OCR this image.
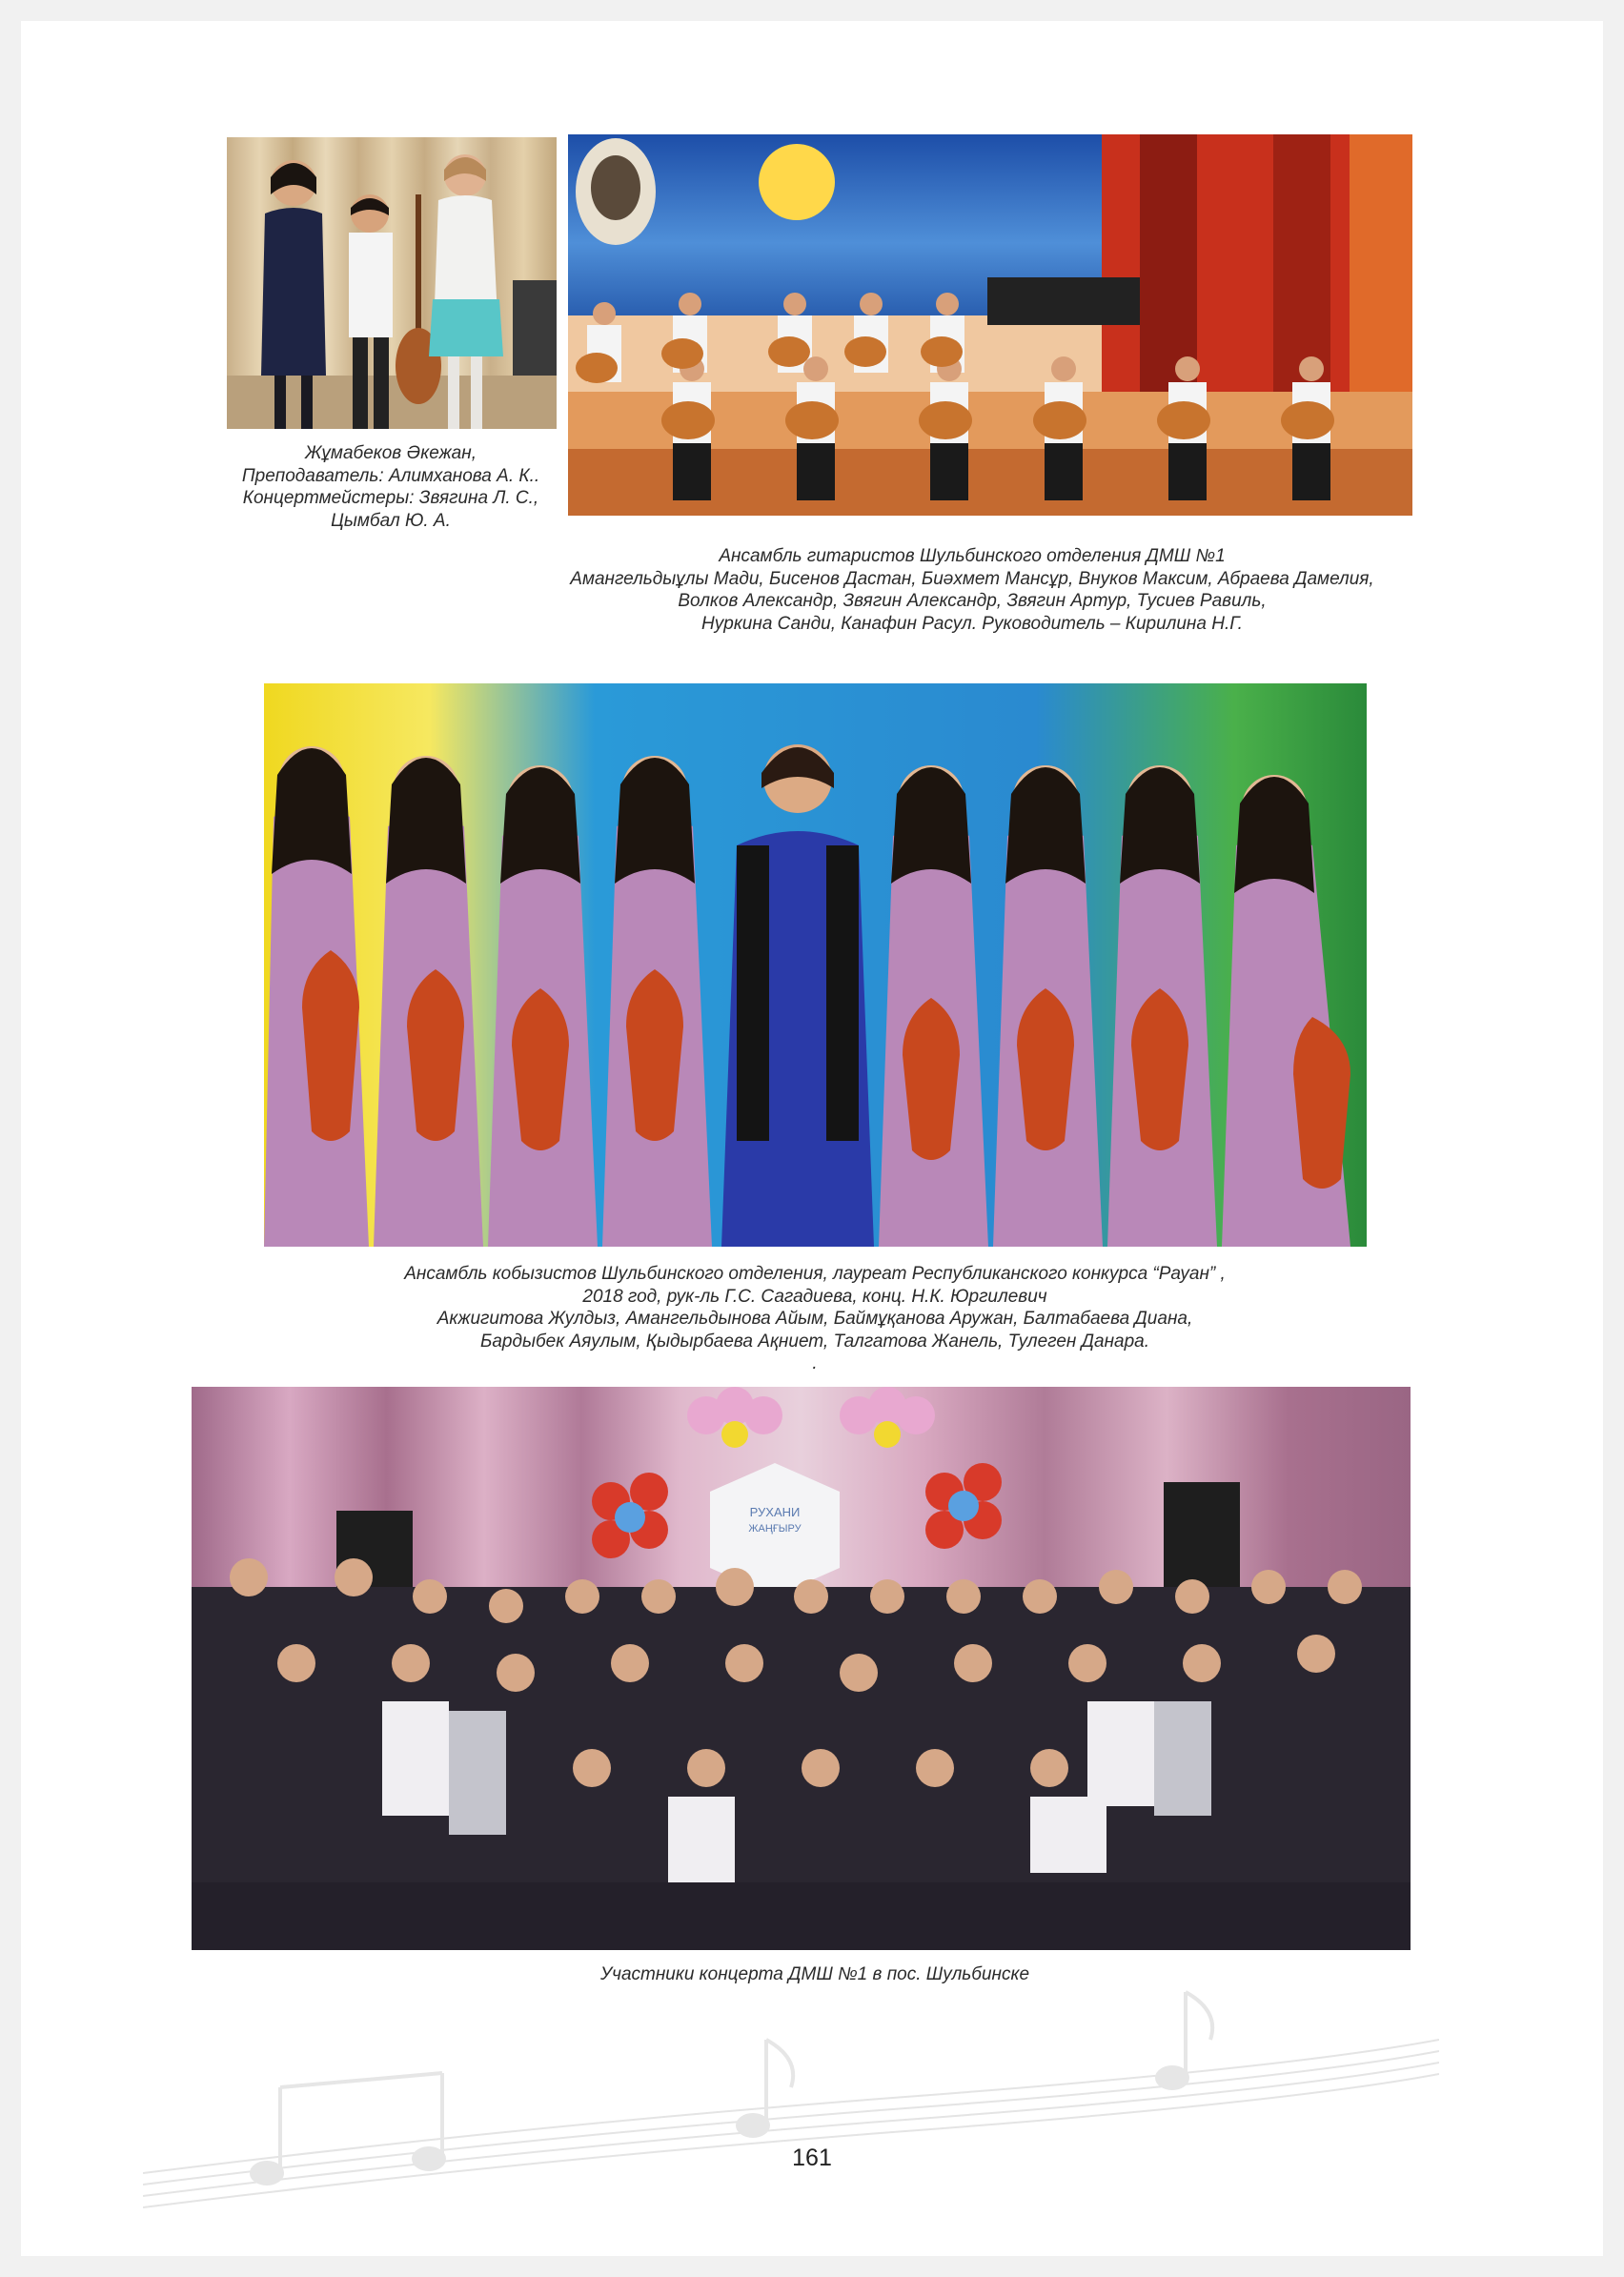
Жұмабеков Әкежан,
Преподаватель: Алимханова А. К..
Концертмейстеры: Звягина Л. С.,
Цымбал Ю. А.
Ансамбль гитаристов Шульбинского отделения ДМШ №1
Амангельдыұлы Мади, Бисенов Дастан, Биәхмет Мансұр, Внуков Максим, Абраева Дамелия,
Волков Александр, Звягин Александр, Звягин Артур, Тусиев Равиль,
Нуркина Санди, Канафин Расул. Руководитель – Кирилина Н.Г.
Ансамбль кобызистов Шульбинского отделения, лауреат Республиканского конкурса “Рауан” ,
2018 год, рук-ль Г.С. Сагадиева, конц. Н.К. Юргилевич
Акжигитова Жулдыз, Амангельдынова Айым, Баймұқанова Аружан, Балтабаева Диана,
Бардыбек Аяулым, Қыдырбаева Ақниет, Талгатова Жанель, Тулеген Данара.
.
РУХАНИ
ЖАҢҒЫРУ
Участники концерта ДМШ №1 в пос. Шульбинске
161
